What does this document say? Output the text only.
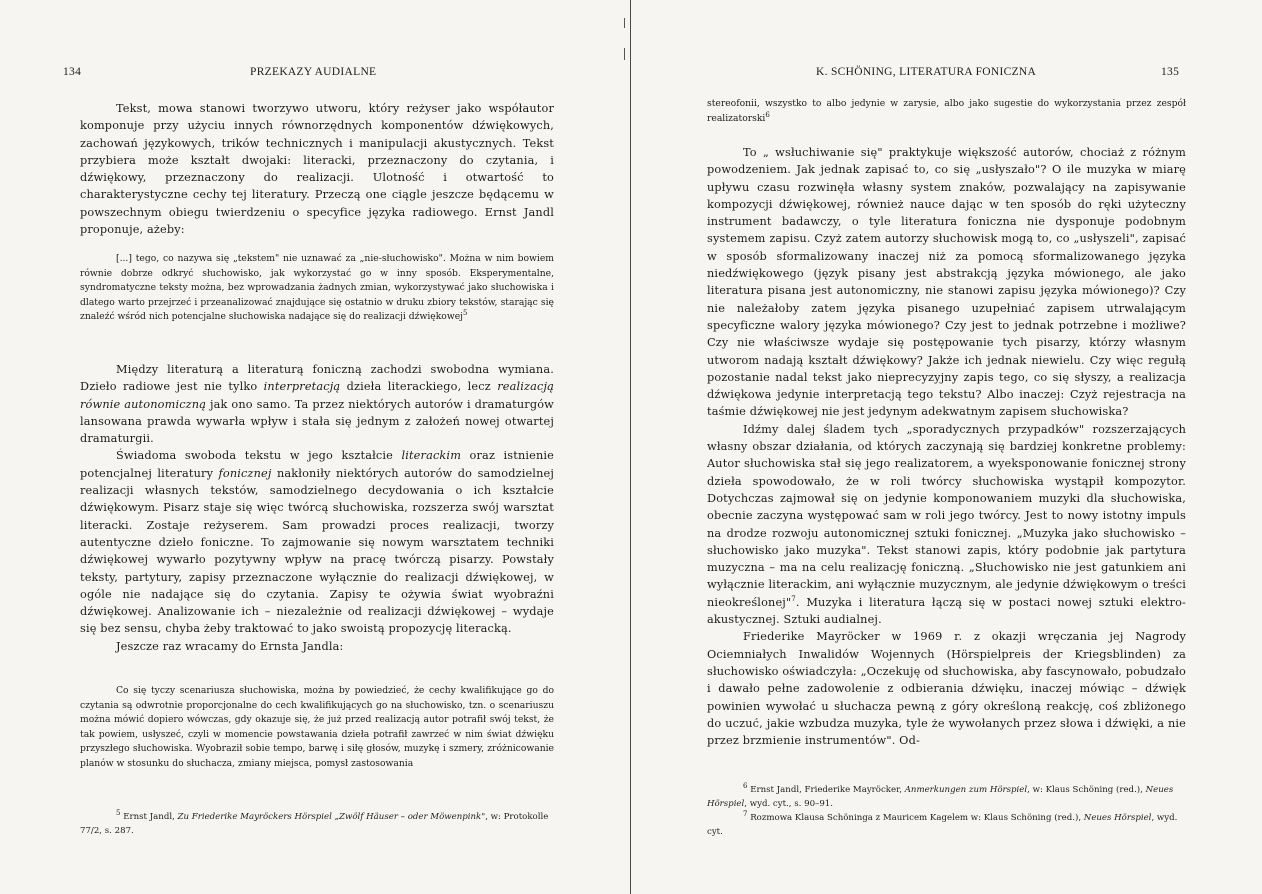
134	PRZEKAZY AUDIALNE

Tekst, mowa stanowi tworzywo utworu, który reżyser jako współautor komponuje przy użyciu innych równorzędnych komponentów dźwiękowych, zachowań językowych, trików technicznych i manipulacji akustycznych. Tekst przybiera może kształt dwojaki: literacki, przeznaczony do czytania, i dźwiękowy, przeznaczony do realizacji. Ulotność i otwartość to charakterystyczne cechy tej literatury. Przeczą one ciągle jeszcze będącemu w powszechnym obiegu twierdzeniu o specyfice języka radiowego. Ernst Jandl proponuje, ażeby:

[...] tego, co nazywa się „tekstem" nie uznawać za „nie-słuchowisko". Można w nim bowiem równie dobrze odkryć słuchowisko, jak wykorzystać go w inny sposób. Eksperymentalne, syndromatyczne teksty można, bez wprowadzania żadnych zmian, wykorzystywać jako słuchowiska i dlatego warto przejrzeć i przeanalizować znajdujące się ostatnio w druku zbiory tekstów, starając się znaleźć wśród nich potencjalne słuchowiska nadające się do realizacji dźwiękowej$^5$

Między literaturą a literaturą foniczną zachodzi swobodna wymiana. Dzieło radiowe jest nie tylko interpretacją dzieła literackiego, lecz realizacją równie autonomiczną jak ono samo. Ta przez niektórych autorów i dramaturgów lansowana prawda wywarła wpływ i stała się jednym z założeń nowej otwartej dramaturgii.

Świadoma swoboda tekstu w jego kształcie literackim oraz istnienie potencjalnej literatury fonicznej nakłoniły niektórych autorów do samodzielnej realizacji własnych tekstów, samodzielnego decydowania o ich kształcie dźwiękowym. Pisarz staje się więc twórcą słuchowiska, rozszerza swój warsztat literacki. Zostaje reżyserem. Sam prowadzi proces realizacji, tworzy autentyczne dzieło foniczne. To zajmowanie się nowym warsztatem techniki dźwiękowej wywarło pozytywny wpływ na pracę twórczą pisarzy. Powstały teksty, partytury, zapisy przeznaczone wyłącznie do realizacji dźwiękowej, w ogóle nie nadające się do czytania. Zapisy te ożywia świat wyobraźni dźwiękowej. Analizowanie ich – niezależnie od realizacji dźwiękowej – wydaje się bez sensu, chyba żeby traktować to jako swoistą propozycję literacką.

Jeszcze raz wracamy do Ernsta Jandla:

Co się tyczy scenariusza słuchowiska, można by powiedzieć, że cechy kwalifikujące go do czytania są odwrotnie proporcjonalne do cech kwalifikujących go na słuchowisko, tzn. o scenariuszu można mówić dopiero wówczas, gdy okazuje się, że już przed realizacją autor potrafił swój tekst, że tak powiem, usłyszeć, czyli w momencie powstawania dzieła potrafił zawrzeć w nim świat dźwięku przyszłego słuchowiska. Wyobraził sobie tempo, barwę i siłę głosów, muzykę i szmery, zróżnicowanie planów w stosunku do słuchacza, zmiany miejsca, pomysł zastosowania

$^5$ Ernst Jandl, Zu Friederike Mayröckers Hörspiel „Zwölf Häuser – oder Möwenpink", w: Protokolle 77/2, s. 287.

K. SCHÖNING, LITERATURA FONICZNA	135

stereofonii, wszystko to albo jedynie w zarysie, albo jako sugestie do wykorzystania przez zespół realizatorski$^6$

To „ wsłuchiwanie się" praktykuje większość autorów, chociaż z różnym powodzeniem. Jak jednak zapisać to, co się „usłyszało"? O ile muzyka w miarę upływu czasu rozwinęła własny system znaków, pozwalający na zapisywanie kompozycji dźwiękowej, również nauce dając w ten sposób do ręki użyteczny instrument badawczy, o tyle literatura foniczna nie dysponuje podobnym systemem zapisu. Czyż zatem autorzy słuchowisk mogą to, co „usłyszeli", zapisać w sposób sformalizowany inaczej niż za pomocą sformalizowanego języka niedźwiękowego (język pisany jest abstrakcją języka mówionego, ale jako literatura pisana jest autonomiczny, nie stanowi zapisu języka mówionego)? Czy nie należałoby zatem języka pisanego uzupełniać zapisem utrwalającym specyficzne walory języka mówionego? Czy jest to jednak potrzebne i możliwe? Czy nie właściwsze wydaje się postępowanie tych pisarzy, którzy własnym utworom nadają kształt dźwiękowy? Jakże ich jednak niewielu. Czy więc regułą pozostanie nadal tekst jako nieprecyzyjny zapis tego, co się słyszy, a realizacja dźwiękowa jedynie interpretacją tego tekstu? Albo inaczej: Czyż rejestracja na taśmie dźwiękowej nie jest jedynym adekwatnym zapisem słuchowiska?

Idźmy dalej śladem tych „sporadycznych przypadków" rozszerzających własny obszar działania, od których zaczynają się bardziej konkretne problemy: Autor słuchowiska stał się jego realizatorem, a wyeksponowanie fonicznej strony dzieła spowodowało, że w roli twórcy słuchowiska wystąpił kompozytor. Dotychczas zajmował się on jedynie komponowaniem muzyki dla słuchowiska, obecnie zaczyna występować sam w roli jego twórcy. Jest to nowy istotny impuls na drodze rozwoju autonomicznej sztuki fonicznej. „Muzyka jako słuchowisko – słuchowisko jako muzyka". Tekst stanowi zapis, który podobnie jak partytura muzyczna – ma na celu realizację foniczną. „Słuchowisko nie jest gatunkiem ani wyłącznie literackim, ani wyłącznie muzycznym, ale jedynie dźwiękowym o treści nieokreślonej"$^7$. Muzyka i literatura łączą się w postaci nowej sztuki elektro-akustycznej. Sztuki audialnej.

Friederike Mayröcker w 1969 r. z okazji wręczania jej Nagrody Ociemniałych Inwalidów Wojennych (Hörspielpreis der Kriegsblinden) za słuchowisko oświadczyła: „Oczekuję od słuchowiska, aby fascynowało, pobudzało i dawało pełne zadowolenie z odbierania dźwięku, inaczej mówiąc – dźwięk powinien wywołać u słuchacza pewną z góry określoną reakcję, coś zbliżonego do uczuć, jakie wzbudza muzyka, tyle że wywołanych przez słowa i dźwięki, a nie przez brzmienie instrumentów". Od-

$^6$ Ernst Jandl, Friederike Mayröcker, Anmerkungen zum Hörspiel, w: Klaus Schöning (red.), Neues Hörspiel, wyd. cyt., s. 90–91.

$^7$ Rozmowa Klausa Schöninga z Mauricem Kagelem w: Klaus Schöning (red.), Neues Hörspiel, wyd. cyt.
